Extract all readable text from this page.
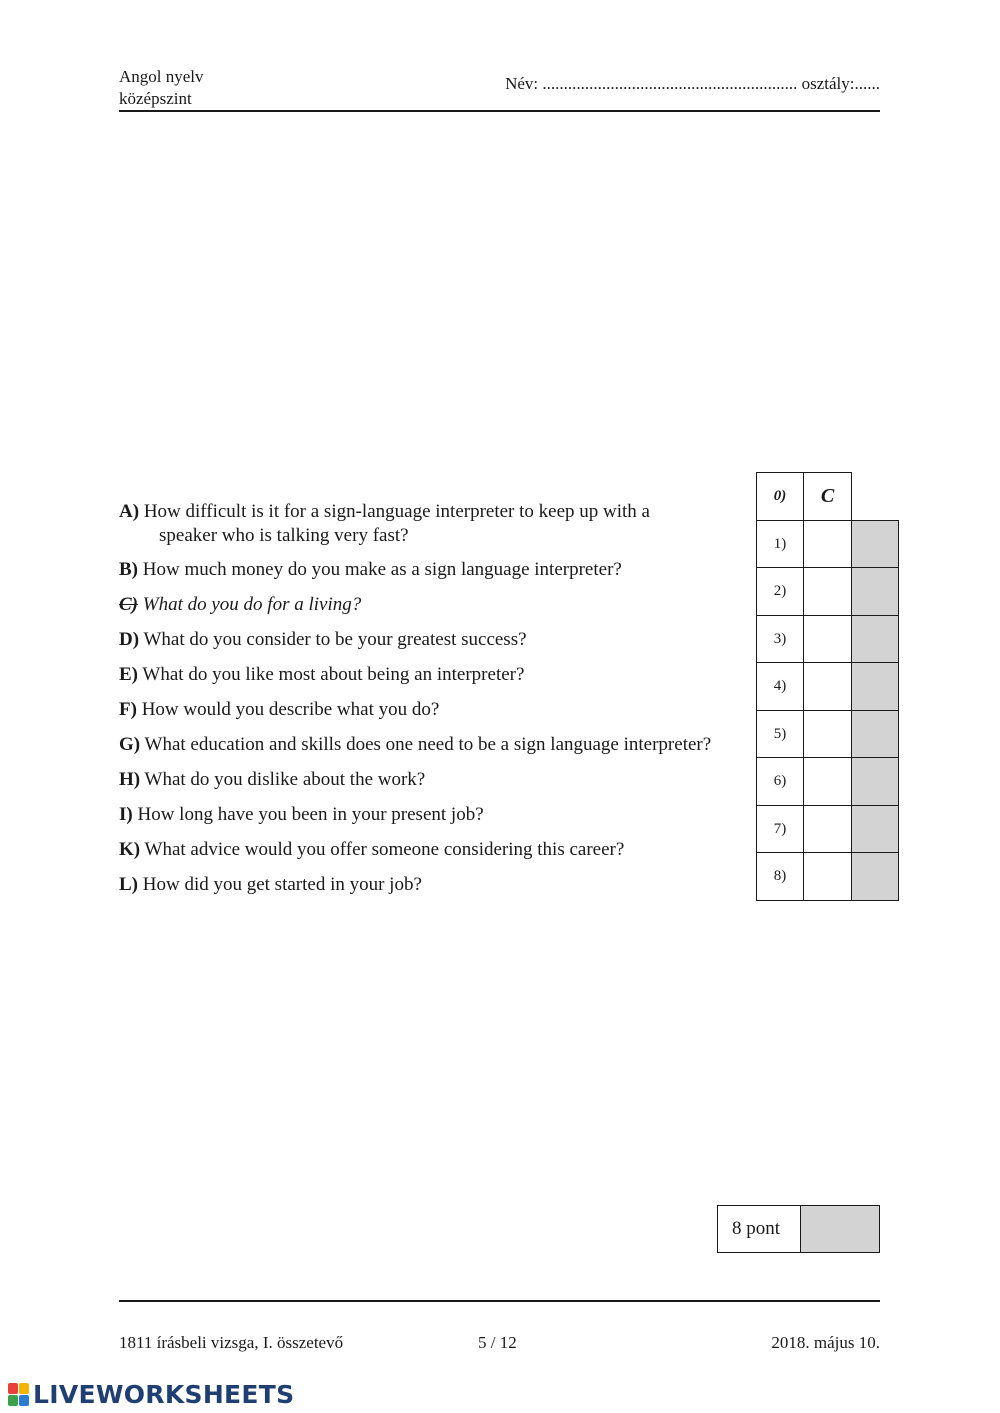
Angol nyelv
középszint
Név: ............................................................ osztály:......
A) How difficult is it for a sign-language interpreter to keep up with a
speaker who is talking very fast?
B) How much money do you make as a sign language interpreter?
C) What do you do for a living?
D) What do you consider to be your greatest success?
E) What do you like most about being an interpreter?
F) How would you describe what you do?
G) What education and skills does one need to be a sign language interpreter?
H) What do you dislike about the work?
I) How long have you been in your present job?
K) What advice would you offer someone considering this career?
L) How did you get started in your job?
0)	C
1)
2)
3)
4)
5)
6)
7)
8)
8 pont
1811 írásbeli vizsga, I. összetevő	5 / 12	2018. május 10.
LIVEWORKSHEETS
